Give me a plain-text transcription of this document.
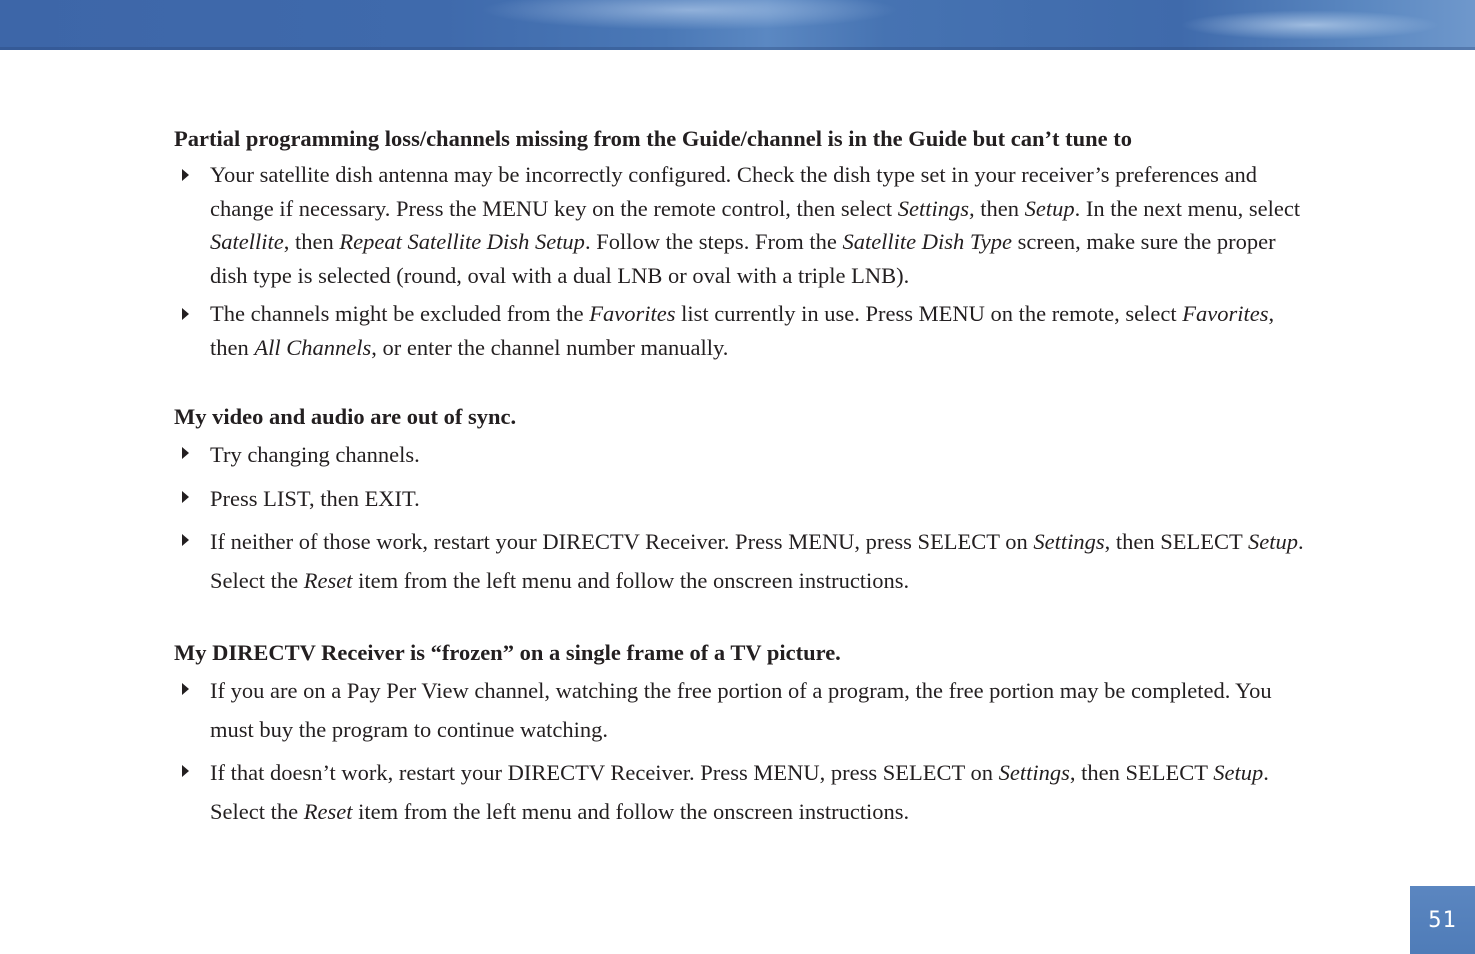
Partial programming loss/channels missing from the Guide/channel is in the Guide but can’t tune to
Your satellite dish antenna may be incorrectly configured. Check the dish type set in your receiver’s preferences and change if necessary. Press the MENU key on the remote control, then select Settings, then Setup. In the next menu, select Satellite, then Repeat Satellite Dish Setup. Follow the steps. From the Satellite Dish Type screen, make sure the proper dish type is selected (round, oval with a dual LNB or oval with a triple LNB).
The channels might be excluded from the Favorites list currently in use. Press MENU on the remote, select Favorites, then All Channels, or enter the channel number manually.
My video and audio are out of sync.
Try changing channels.
Press LIST, then EXIT.
If neither of those work, restart your DIRECTV Receiver. Press MENU, press SELECT on Settings, then SELECT Setup. Select the Reset item from the left menu and follow the onscreen instructions.
My DIRECTV Receiver is “frozen” on a single frame of a TV picture.
If you are on a Pay Per View channel, watching the free portion of a program, the free portion may be completed. You must buy the program to continue watching.
If that doesn’t work, restart your DIRECTV Receiver. Press MENU, press SELECT on Settings, then SELECT Setup. Select the Reset item from the left menu and follow the onscreen instructions.
51
